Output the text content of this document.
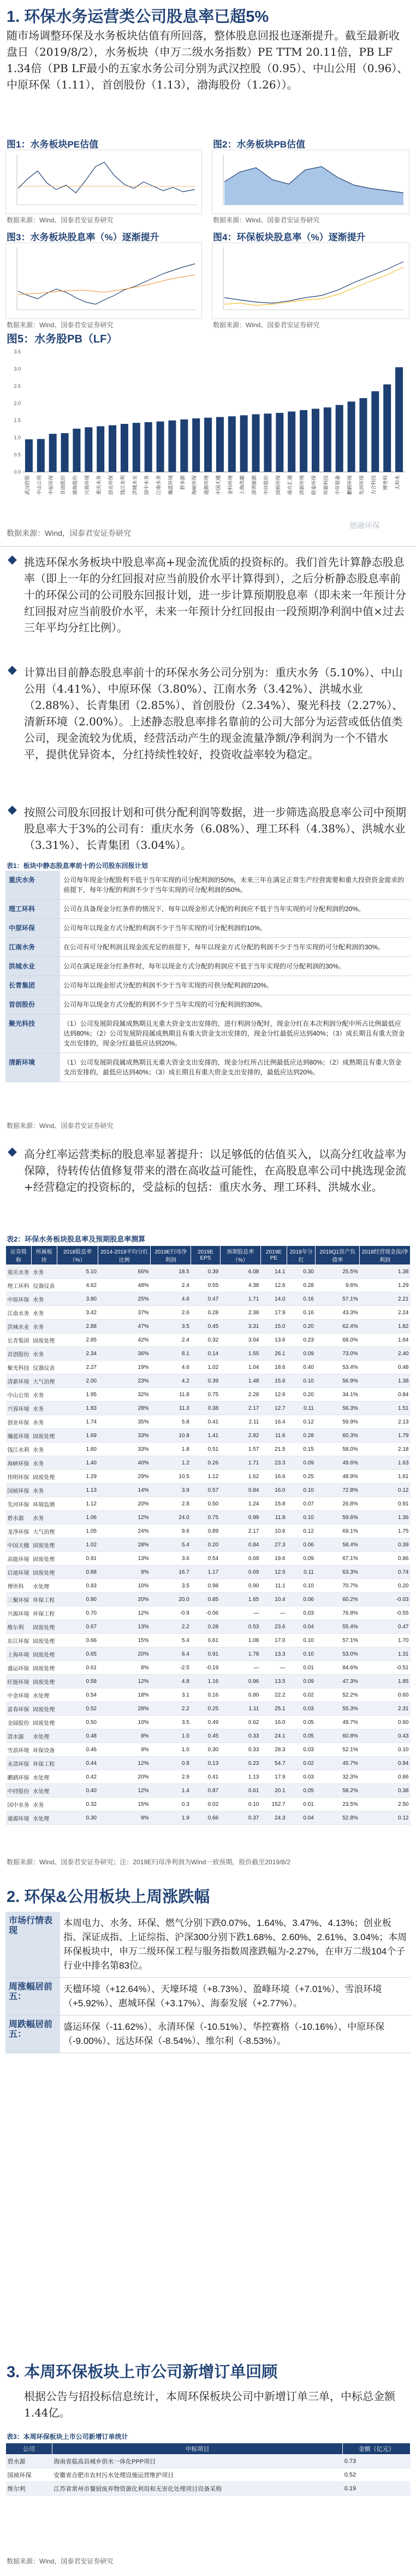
1. 环保水务运营类公司股息率已超5%
随市场调整环保及水务板块估值有所回落，整体股息回报也逐渐提升。截至最新收盘日（2019/8/2），水务板块（申万二级水务指数）PE TTM 20.11倍，PB LF 1.34倍（PB LF最小的五家水务公司分别为武汉控股（0.95）、中山公用（0.96）、中原环保（1.11），首创股份（1.13），渤海股份（1.26））。
图1：水务板块PE估值
数据来源：Wind、国泰君安证券研究
图2：水务板块PB估值
数据来源：Wind、国泰君安证券研究
图3：水务板块股息率（%）逐渐提升
数据来源：Wind、国泰君安证券研究
图4：环保板块股息率（%）逐渐提升
数据来源：Wind、国泰君安证券研究
图5：水务股PB（LF）
0.0
0.5
1.0
1.5
2.0
2.5
3.0
3.5
武汉控股 中山公用 中原环保 首创股份 渤海股份 兴蓉环境 重庆水务 创业环保 钱江水利 洪城水业 国中水务 江南水务 瀚蓝环境 碧水源 海峡环保 通源环境 中国天楹 金科环境 上海洗霸 深圳能源 中持股份 国祯环保 南方汇通 清新环境 联泰环保 环能科技 中环装备 鹏鹞环保 先河环保 力合科技 博世科 太和水
数据来源：Wind，国泰君安证券研究
德融环保
◆ 挑选环保水务板块中股息率高+现金流优质的投资标的。我们首先计算静态股息率（即上一年的分红回报对应当前股价水平计算得到），之后分析静态股息率前十的环保公司的公司股东回报计划，进一步计算预期股息率（即未来一年预计分红回报对应当前股价水平，未来一年预计分红回报由一段预期净利润中值×过去三年平均分红比例）。
◆ 计算出目前静态股息率前十的环保水务公司分别为：重庆水务（5.10%）、中山公用（4.41%）、中原环保（3.80%）、江南水务（3.42%）、洪城水业（2.88%）、长青集团（2.85%）、首创股份（2.34%）、聚光科技（2.27%）、清新环境（2.00%）。上述静态股息率排名靠前的公司大部分为运营或低估值类公司，现金流较为优质，经营活动产生的现金流量净额/净利润为一个不错水平，提供优异资本，分红持续性较好，投资收益率较为稳定。
◆ 按照公司股东回报计划和可供分配利润等数据，进一步筛选高股息率公司中预期股息率大于3%的公司有：重庆水务（6.08%）、理工环科（4.38%）、洪城水业（3.31%）、长青集团（3.04%）。
表1：板块中静态股息率前十的公司股东回报计划
重庆水务	公司每年现金分配股利不低于当年实现的可分配利润的50%，未来三年在满足正常生产经营需要和重大投资资金需求的前提下，每年分配的利润不少于当年实现的可分配利润的50%。
理工环科	公司在具备现金分红条件的情况下，每年以现金形式分配的利润应不低于当年实现的可分配利润的20%。
中原环保	公司每年以现金方式分配的利润不少于当年实现的可分配利润的10%。
江南水务	在公司有可分配利润且现金流充足的前提下，每年以现金方式分配的利润不少于当年实现的可分配利润的30%。
洪城水业	公司在满足现金分红条件时，每年以现金方式分配的利润应不低于当年实现的可分配利润的30%。
长青集团	公司每年以现金形式分配的利润不少于当年实现的可供分配利润的20%。
首创股份	公司每年以现金方式分配的利润不少于当年实现的可分配利润的30%。
聚光科技	（1）公司发展阶段属成熟期且无重大资金支出安排的，进行利润分配时，现金分红在本次利润分配中所占比例最低应达到80%；（2）公司发展阶段属成熟期且有重大资金支出安排的，现金分红最低应达到40%；（3）成长期且有重大资金支出安排的，现金分红最低应达到20%。
清新环境	（1）公司发展阶段属成熟期且无重大资金支出安排的，现金分红所占比例最低应达到80%；（2）成熟期且有重大资金支出安排的，最低应达到40%；（3）成长期且有重大资金支出安排的，最低应达到20%。
数据来源：Wind、国泰君安证券研究
◆ 高分红率运营类标的股息率显著提升：以足够低的估值买入，以高分红收益率为保障，待转传估值修复带来的潜在高收益可能性，在高股息率公司中挑选现金流+经营稳定的投资标的，受益标的包括：重庆水务、理工环科、洪城水业。
表2：环保水务板块股息率及预期股息率测算
证券简称	所属板块	2018股息率（%）	2014-2018平均分红比例	2019E归母净利润	2019E EPS	预期股息率（%）	2019E PE	2018年分红	2019Q1资产负债率	2018经营现金流/净利润
重庆水务	水务	5.10	66%	18.5	0.39	6.08	14.1	0.30	25.5%	1.38
理工环科	仪器仪表	4.62	48%	2.4	0.55	4.38	12.6	0.28	9.6%	1.29
中原环保	水务	3.80	25%	4.6	0.47	1.71	14.0	0.16	57.1%	2.21
江南水务	水务	3.42	37%	2.6	0.28	2.38	17.9	0.16	43.3%	2.24
洪城水业	水务	2.88	47%	3.5	0.45	3.31	15.0	0.20	62.4%	1.82
长青集团	固废处理	2.85	42%	2.4	0.32	3.04	13.6	0.23	68.0%	1.64
首创股份	水务	2.34	36%	8.1	0.14	1.55	26.1	0.09	73.0%	2.40
聚光科技	仪器仪表	2.27	19%	4.6	1.02	1.04	18.6	0.40	53.4%	0.48
清新环境	大气治理	2.00	23%	4.2	0.39	1.48	15.6	0.10	56.9%	1.38
中山公用	水务	1.95	32%	11.8	0.75	2.28	12.6	0.20	34.1%	0.84
兴蓉环境	水务	1.83	28%	11.3	0.38	2.17	12.7	0.11	56.3%	1.51
创业环保	水务	1.74	35%	5.8	0.41	2.11	16.4	0.12	59.9%	2.13
瀚蓝环境	固废处理	1.69	33%	10.8	1.41	2.82	11.6	0.28	60.3%	1.79
钱江水利	水务	1.60	33%	1.8	0.51	1.57	21.5	0.15	58.0%	2.18
海峡环保	水务	1.40	40%	1.2	0.26	1.71	23.3	0.09	49.6%	1.63
伟明环保	固废处理	1.29	29%	10.5	1.12	1.62	16.6	0.25	48.9%	1.61
国祯环保	水务	1.13	14%	3.9	0.57	0.84	16.0	0.10	72.8%	0.12
先河环保	环境监测	1.12	20%	2.8	0.50	1.24	15.8	0.07	26.8%	0.91
碧水源	水务	1.06	12%	24.0	0.75	0.99	11.8	0.10	59.6%	1.36
龙净环保	大气治理	1.05	24%	9.6	0.89	2.17	10.6	0.12	69.1%	1.75
中国天楹	固废处理	1.02	28%	5.4	0.20	0.84	27.3	0.06	58.4%	0.39
高能环境	固废处理	0.91	13%	3.6	0.54	0.69	19.6	0.09	67.1%	0.86
启迪环境	固废处理	0.88	9%	16.7	1.17	0.69	12.5	0.11	63.3%	0.74
博世科	水处理	0.83	10%	3.5	0.98	0.90	11.1	0.10	70.7%	0.20
三聚环保	环保工程	0.80	20%	20.0	0.85	1.65	10.4	0.06	60.2%	-0.03
兴源环境	环保工程	0.70	12%	-0.9	-0.06	—	—	0.03	76.8%	-0.55
维尔利	固废处理	0.67	13%	2.2	0.28	0.53	23.6	0.04	55.4%	0.47
东江环保	固废处理	0.66	15%	5.4	0.61	1.08	17.0	0.10	57.1%	1.70
上海环境	固废处理	0.65	20%	6.4	0.91	1.78	13.3	0.10	53.0%	1.31
盛运环保	固废处理	0.61	8%	-2.5	-0.19	—	—	0.01	84.6%	-0.51
旺能环境	固废处理	0.58	12%	4.8	1.16	0.96	13.5	0.09	47.3%	1.85
中金环境	水处理	0.54	18%	3.1	0.16	0.80	22.2	0.02	52.2%	0.60
富春环保	固废处理	0.52	28%	2.2	0.25	1.11	25.1	0.03	55.3%	2.31
金圆股份	固废处理	0.50	10%	3.5	0.49	0.62	16.0	0.05	49.7%	0.60
清水源	水处理	0.48	8%	1.0	0.45	0.33	24.1	0.05	60.8%	0.43
雪浪环境	环保设备	0.46	9%	1.0	0.30	0.33	28.3	0.03	52.1%	0.10
永清环保	环保工程	0.44	12%	0.8	0.13	0.23	54.7	0.02	45.7%	0.94
鹏鹞环保	水处理	0.42	20%	2.9	0.41	1.13	17.9	0.03	32.3%	0.86
中持股份	水处理	0.40	12%	1.4	0.87	0.61	20.1	0.05	58.2%	0.38
国中水务	水务	0.32	15%	0.3	0.02	0.10	152.7	0.01	23.5%	2.50
通源环境	水处理	0.30	9%	1.9	0.66	0.37	24.3	0.04	52.8%	0.12
数据来源：Wind、国泰君安证券研究；注：2019E归母净利润为Wind一致预期，股价截至2019/8/2
2. 环保&公用板块上周涨跌幅
市场行情表现	本周电力、水务、环保、燃气分别下跌0.07%、1.64%、3.47%、4.13%；创业板指、深证成指、上证综指、沪深300分别下跌1.68%、2.60%、2.61%、3.04%；本周环保板块中，申万二级环保工程与服务指数周涨跌幅为-2.27%，在申万二级104个子行业中排名第83位。
周涨幅居前五：	天楹环境（+12.64%）、天壕环境（+8.73%）、盈峰环境（+7.01%）、雪浪环境（+5.92%）、惠城环保（+3.17%）、海泰发展（+2.77%）。
周跌幅居前五：	盛运环保（-11.62%）、永清环保（-10.51%）、华控赛格（-10.16%）、中原环保（-9.00%）、远达环保（-8.54%）、维尔利（-8.53%）。
3. 本周环保板块上市公司新增订单回顾
根据公告与招投标信息统计，本周环保板块公司中新增订单三单，中标总金额1.44亿。
表3：本周环保板块上市公司新增订单统计
公司	中标项目	金额（亿元）
碧水源	海南省临高县城乡供水一体化PPP项目	0.73
国祯环保	安徽省合肥市农村污水处理设施运营维护项目	0.52
维尔利	江苏省常州市餐厨废弃物资源化利用和无害化处理项目设备采购	0.19
数据来源：Wind，国泰君安证券研究
